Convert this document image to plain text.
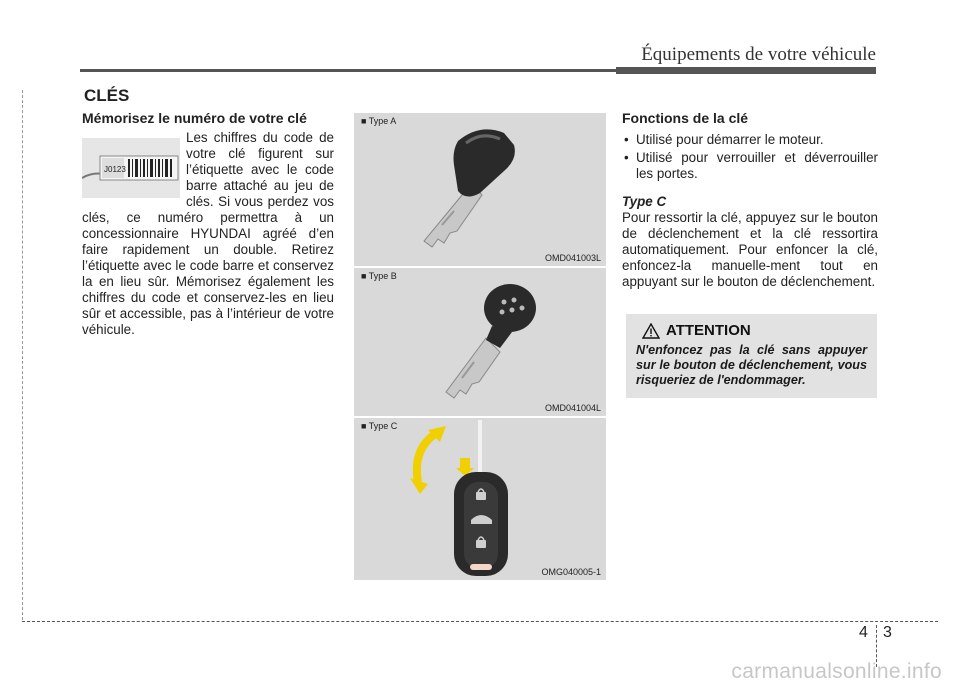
Équipements de votre véhicule
CLÉS
Mémorisez le numéro de votre clé
J0123

Les chiffres du code de votre clé figurent sur l’étiquette avec le code barre attaché au jeu de clés. Si vous perdez vos clés, ce numéro permettra à un concessionnaire HYUNDAI agréé d’en faire rapidement un double. Retirez l’étiquette avec le code barre et conservez la en lieu sûr. Mémorisez également les chiffres du code et conservez-les en lieu sûr et accessible, pas à l’intérieur de votre véhicule.

■ Type A
OMD041003L
■ Type B
OMD041004L
■ Type C
OMG040005-1
Fonctions de la clé
• Utilisé pour démarrer le moteur.
• Utilisé pour verrouiller et déverrouiller les portes.
Type C

Pour ressortir la clé, appuyez sur le bouton de déclenchement et la clé ressortira automatiquement. Pour enfoncer la clé, enfoncez-la manuelle-ment tout en appuyant sur le bouton de déclenchement.

ATTENTION
N'enfoncez pas la clé sans appuyer sur le bouton de déclenchement, vous risqueriez de l'endommager.
4 3
carmanualsonline.info
